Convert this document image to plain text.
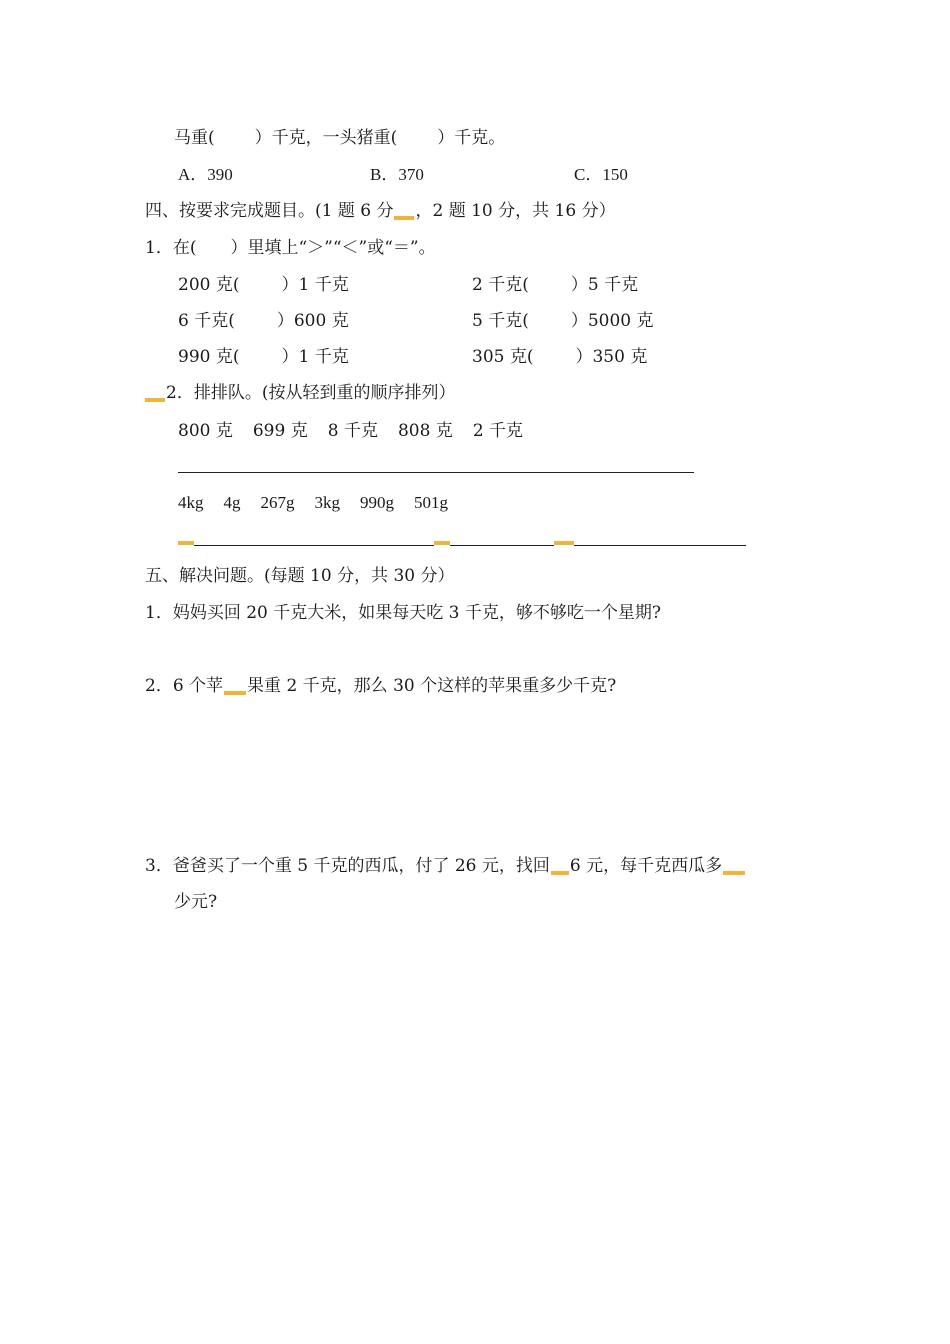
马重( ）千克，一头猪重( ）千克。
A．390	B．370	C．150
四、按要求完成题目。(1 题 6 分 ，2 题 10 分，共 16 分）
1．在(　　）里填上“＞”“＜”或“＝”。
200 克( ）1 千克	2 千克( ）5 千克
6 千克( ）600 克	5 千克( ）5000 克
990 克( ）1 千克	305 克( ）350 克
2．排排队。(按从轻到重的顺序排列）
800 克 699 克 8 千克 808 克 2 千克
4kg 4g 267g 3kg 990g 501g
五、解决问题。(每题 10 分，共 30 分）
1．妈妈买回 20 千克大米，如果每天吃 3 千克，够不够吃一个星期?
2．6 个苹 果重 2 千克，那么 30 个这样的苹果重多少千克?
3．爸爸买了一个重 5 千克的西瓜，付了 26 元，找回 6 元，每千克西瓜多
少元?
